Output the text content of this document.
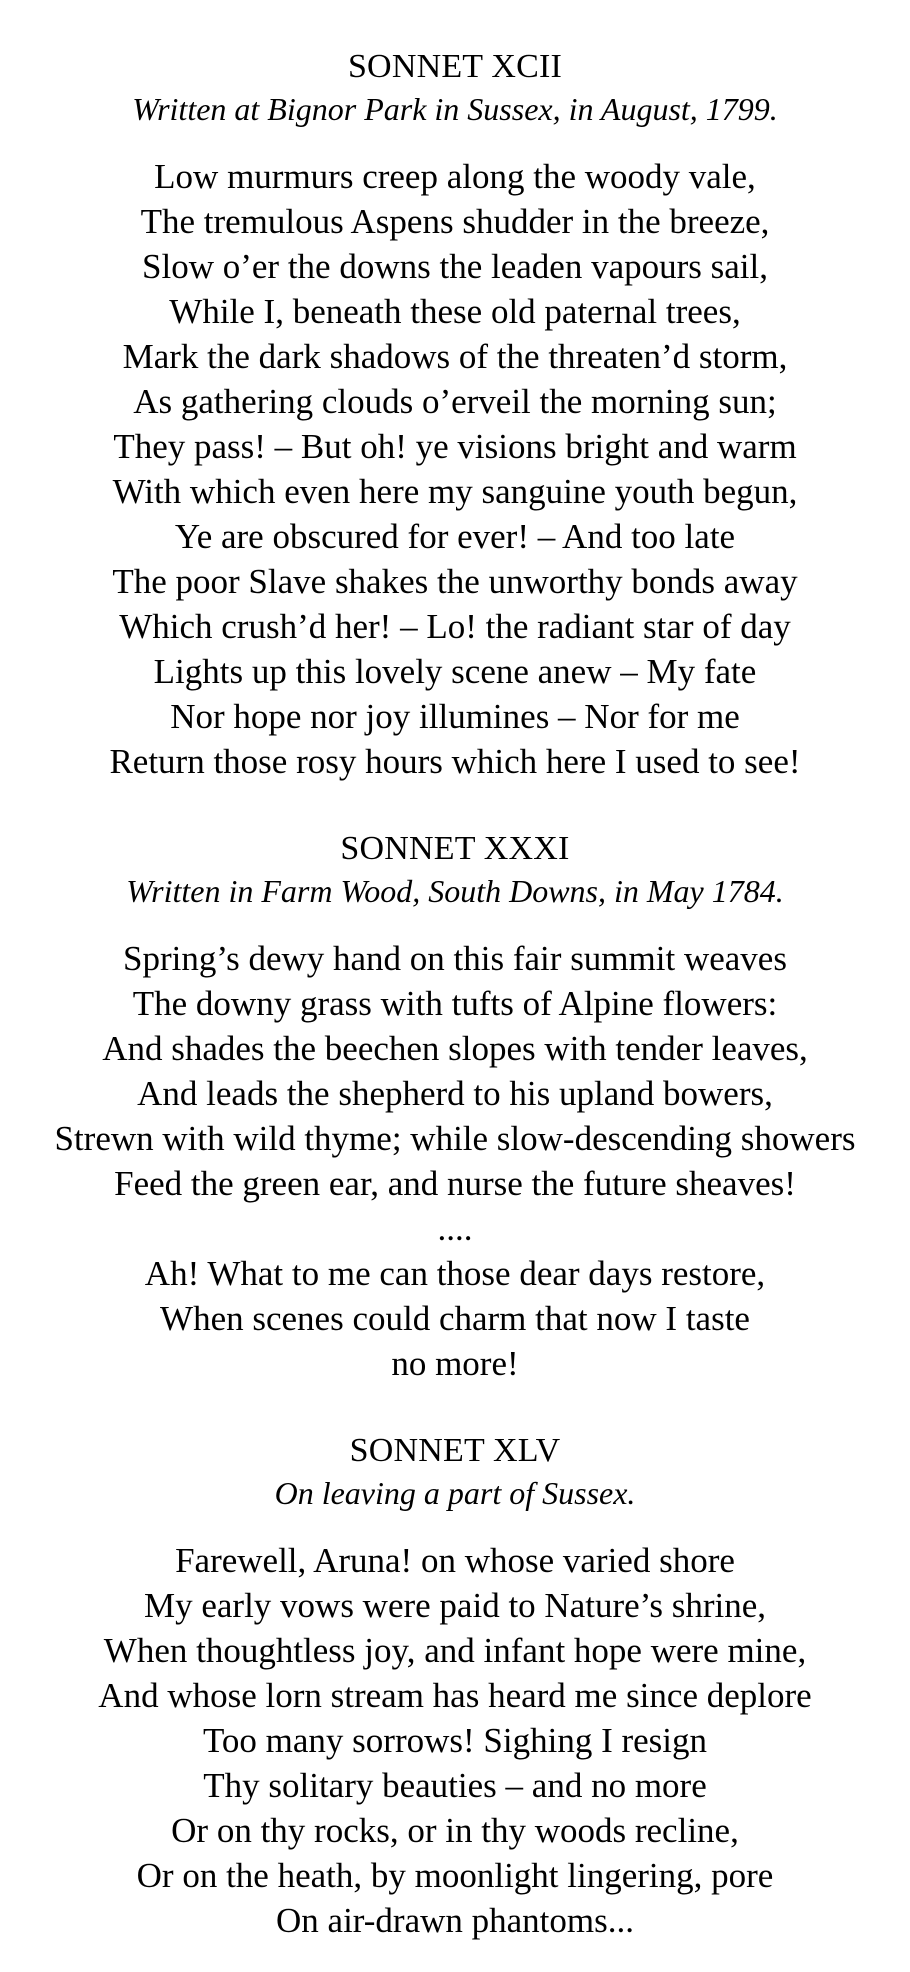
SONNET XCII
Written at Bignor Park in Sussex, in August, 1799.
Low murmurs creep along the woody vale,
The tremulous Aspens shudder in the breeze,
Slow o’er the downs the leaden vapours sail,
While I, beneath these old paternal trees,
Mark the dark shadows of the threaten’d storm,
As gathering clouds o’erveil the morning sun;
They pass! – But oh! ye visions bright and warm
With which even here my sanguine youth begun,
Ye are obscured for ever! – And too late
The poor Slave shakes the unworthy bonds away
Which crush’d her! – Lo! the radiant star of day
Lights up this lovely scene anew – My fate
Nor hope nor joy illumines – Nor for me
Return those rosy hours which here I used to see!
SONNET XXXI
Written in Farm Wood, South Downs, in May 1784.
Spring’s dewy hand on this fair summit weaves
The downy grass with tufts of Alpine flowers:
And shades the beechen slopes with tender leaves,
And leads the shepherd to his upland bowers,
Strewn with wild thyme; while slow-descending showers
Feed the green ear, and nurse the future sheaves!
....
Ah! What to me can those dear days restore,
When scenes could charm that now I taste
no more!
SONNET XLV
On leaving a part of Sussex.
Farewell, Aruna! on whose varied shore
My early vows were paid to Nature’s shrine,
When thoughtless joy, and infant hope were mine,
And whose lorn stream has heard me since deplore
Too many sorrows! Sighing I resign
Thy solitary beauties – and no more
Or on thy rocks, or in thy woods recline,
Or on the heath, by moonlight lingering, pore
On air-drawn phantoms...
